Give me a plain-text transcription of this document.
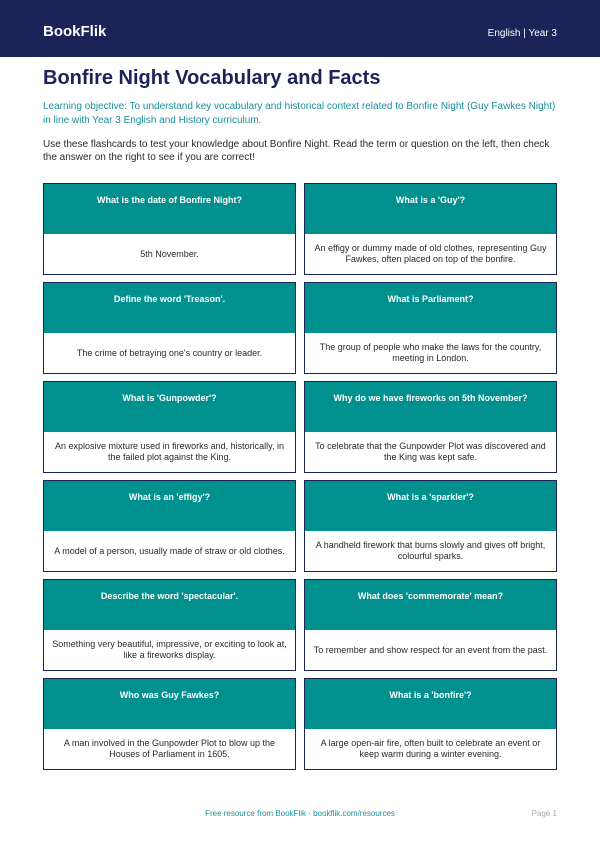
BookFlik	English | Year 3
Bonfire Night Vocabulary and Facts
Learning objective: To understand key vocabulary and historical context related to Bonfire Night (Guy Fawkes Night) in line with Year 3 English and History curriculum.
Use these flashcards to test your knowledge about Bonfire Night. Read the term or question on the left, then check the answer on the right to see if you are correct!
What is the date of Bonfire Night?
5th November.
What is a 'Guy'?
An effigy or dummy made of old clothes, representing Guy Fawkes, often placed on top of the bonfire.
Define the word 'Treason'.
The crime of betraying one's country or leader.
What is Parliament?
The group of people who make the laws for the country, meeting in London.
What is 'Gunpowder'?
An explosive mixture used in fireworks and, historically, in the failed plot against the King.
Why do we have fireworks on 5th November?
To celebrate that the Gunpowder Plot was discovered and the King was kept safe.
What is an 'effigy'?
A model of a person, usually made of straw or old clothes.
What is a 'sparkler'?
A handheld firework that burns slowly and gives off bright, colourful sparks.
Describe the word 'spectacular'.
Something very beautiful, impressive, or exciting to look at, like a fireworks display.
What does 'commemorate' mean?
To remember and show respect for an event from the past.
Who was Guy Fawkes?
A man involved in the Gunpowder Plot to blow up the Houses of Parliament in 1605.
What is a 'bonfire'?
A large open-air fire, often built to celebrate an event or keep warm during a winter evening.
Free resource from BookFlik · bookflik.com/resources	Page 1
